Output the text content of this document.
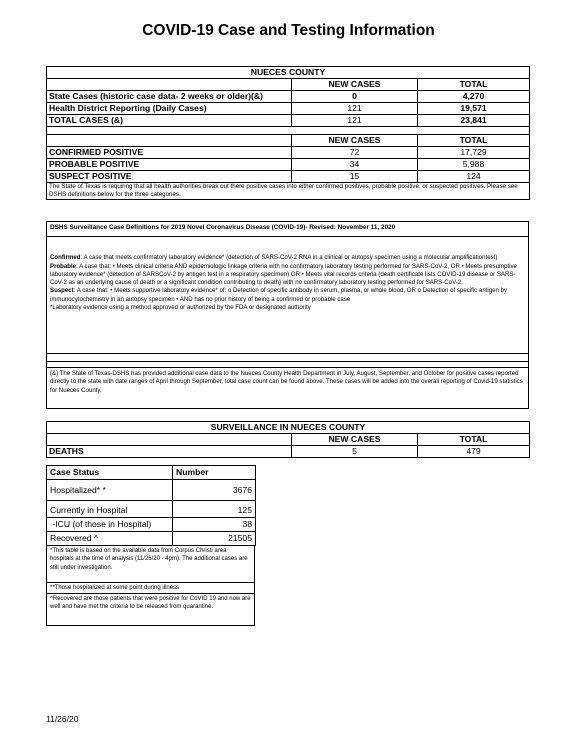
COVID-19 Case and Testing Information
NUECES COUNTY		
	NEW CASES	TOTAL
State Cases (historic case data- 2 weeks or older)(&)	0	4,270
Health District Reporting (Daily Cases)	121	19,571
TOTAL CASES (&)	121	23,841

	NEW CASES	TOTAL
CONFIRMED POSITIVE	72	17,729
PROBABLE POSITIVE	34	5,988
SUSPECT POSITIVE	15	124
The State of Texas is requiring that all health authorities break out there positive cases into either confirmed positives, probable positive, or suspected positives. Please see DSHS definitions below for the three categories.		

DSHS Surveillance Case Definitions for 2019 Novel Coronavirus Disease (COVID-19)- Revised: November 11, 2020

Confirmed: A case that meets confirmatory laboratory evidence* (detection of SARS-CoV-2 RNA in a clinical or autopsy specimen using a molecular amplificationtest)

Probable: A case that: • Meets clinical criteria AND epidemiologic linkage criteria with no confirmatory laboratory testing performed for SARS-CoV-2, OR • Meets presumptive laboratory evidence* (detection of SARSCoV-2 by antigen test in a respiratory specimen) OR • Meets vital records criteria (death certificate lists COVID-19 disease or SARS-CoV-2 as an underlying cause of death or a significant condition contributing to death) with no confirmatory laboratory testing performed for SARS-CoV-2.

Suspect: A case that: • Meets supportive laboratory evidence* of: o Detection of specific antibody in serum, plasma, or whole blood, OR o Detection of specific antigen by immunocytochemistry in an autopsy specimen • AND has no prior history of being a confirmed or probable case

*Laboratory evidence using a method approved or authorized by the FDA or designated authority

(&) The State of Texas-DSHS has provided additional case data to the Nueces County Health Department in July, August, September, and October for positive cases reported directly to the state with date ranges of April through September, total case count can be found above. These cases will be added into the overall reporting of Covid-19 statistics for Nueces County.

SURVEILLANCE IN NUECES COUNTY		
	NEW CASES	TOTAL
DEATHS	5	479
Case Status	Number
Hospitalized* *	3676
Currently in Hospital	125
-ICU (of those in Hospital)	38
Recovered ^	21505
*This table is based on the available data from Corpus Christi area hospitals at the time of analysis (11/26/20 - 4pm). The additional cases are still under investigation.
**Those hospitalized at some point during illness
^Recovered are those patients that were positive for CoVID 19 and now are well and have met the criteria to be released from quarantine.
11/26/20
